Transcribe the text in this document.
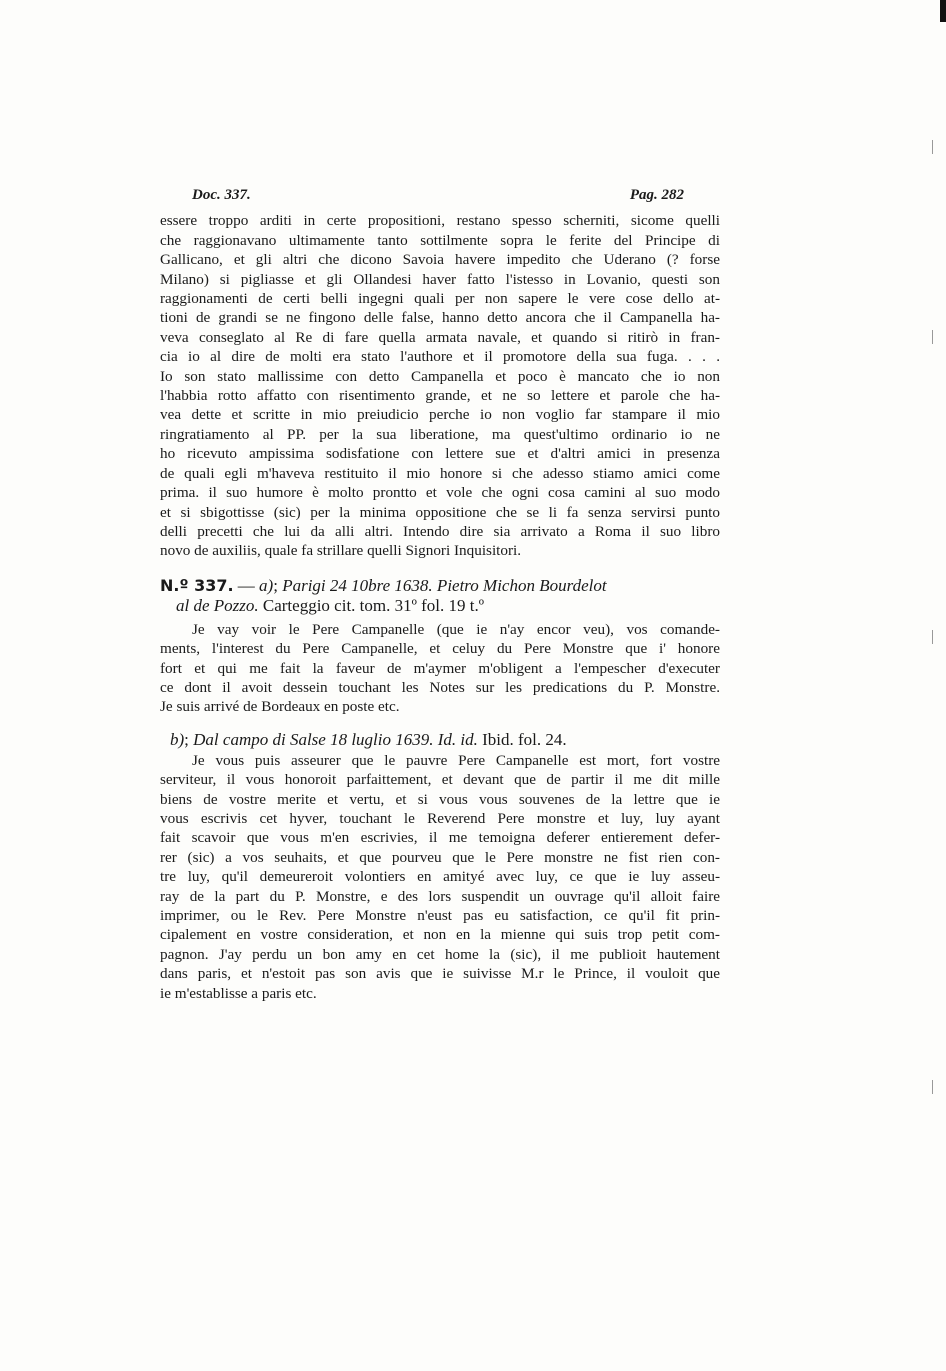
Doc. 337.	Pag. 282

essere troppo arditi in certe propositioni, restano spesso scherniti, sicome quelli
che raggionavano ultimamente tanto sottilmente sopra le ferite del Principe di
Gallicano, et gli altri che dicono Savoia havere impedito che Uderano (? forse
Milano) si pigliasse et gli Ollandesi haver fatto l'istesso in Lovanio, questi son
raggionamenti de certi belli ingegni quali per non sapere le vere cose dello at-
tioni de grandi se ne fingono delle false, hanno detto ancora che il Campanella ha-
veva conseglato al Re di fare quella armata navale, et quando si ritirò in fran-
cia io al dire de molti era stato l'authore et il promotore della sua fuga. . . .
Io son stato mallissime con detto Campanella et poco è mancato che io non
l'habbia rotto affatto con risentimento grande, et ne so lettere et parole che ha-
vea dette et scritte in mio preiudicio perche io non voglio far stampare il mio
ringratiamento al PP. per la sua liberatione, ma quest'ultimo ordinario io ne
ho ricevuto ampissima sodisfatione con lettere sue et d'altri amici in presenza
de quali egli m'haveva restituito il mio honore si che adesso stiamo amici come
prima. il suo humore è molto prontto et vole che ogni cosa camini al suo modo
et si sbigottisse (sic) per la minima oppositione che se li fa senza servirsi punto
delli precetti che lui da alli altri. Intendo dire sia arrivato a Roma il suo libro
novo de auxiliis, quale fa strillare quelli Signori Inquisitori.

N.º 337. — a); Parigi 24 10bre 1638. Pietro Michon Bourdelot
al de Pozzo. Carteggio cit. tom. 31º fol. 19 t.º

Je vay voir le Pere Campanelle (que ie n'ay encor veu), vos comande-
ments, l'interest du Pere Campanelle, et celuy du Pere Monstre que i' honore
fort et qui me fait la faveur de m'aymer m'obligent a l'empescher d'executer
ce dont il avoit dessein touchant les Notes sur les predications du P. Monstre.
Je suis arrivé de Bordeaux en poste etc.

b); Dal campo di Salse 18 luglio 1639. Id. id. Ibid. fol. 24.

Je vous puis asseurer que le pauvre Pere Campanelle est mort, fort vostre
serviteur, il vous honoroit parfaittement, et devant que de partir il me dit mille
biens de vostre merite et vertu, et si vous vous souvenes de la lettre que ie
vous escrivis cet hyver, touchant le Reverend Pere monstre et luy, luy ayant
fait scavoir que vous m'en escrivies, il me temoigna deferer entierement defer-
rer (sic) a vos seuhaits, et que pourveu que le Pere monstre ne fist rien con-
tre luy, qu'il demeureroit volontiers en amityé avec luy, ce que ie luy asseu-
ray de la part du P. Monstre, e des lors suspendit un ouvrage qu'il alloit faire
imprimer, ou le Rev. Pere Monstre n'eust pas eu satisfaction, ce qu'il fit prin-
cipalement en vostre consideration, et non en la mienne qui suis trop petit com-
pagnon. J'ay perdu un bon amy en cet home la (sic), il me publioit hautement
dans paris, et n'estoit pas son avis que ie suivisse M.r le Prince, il vouloit que
ie m'establisse a paris etc.
